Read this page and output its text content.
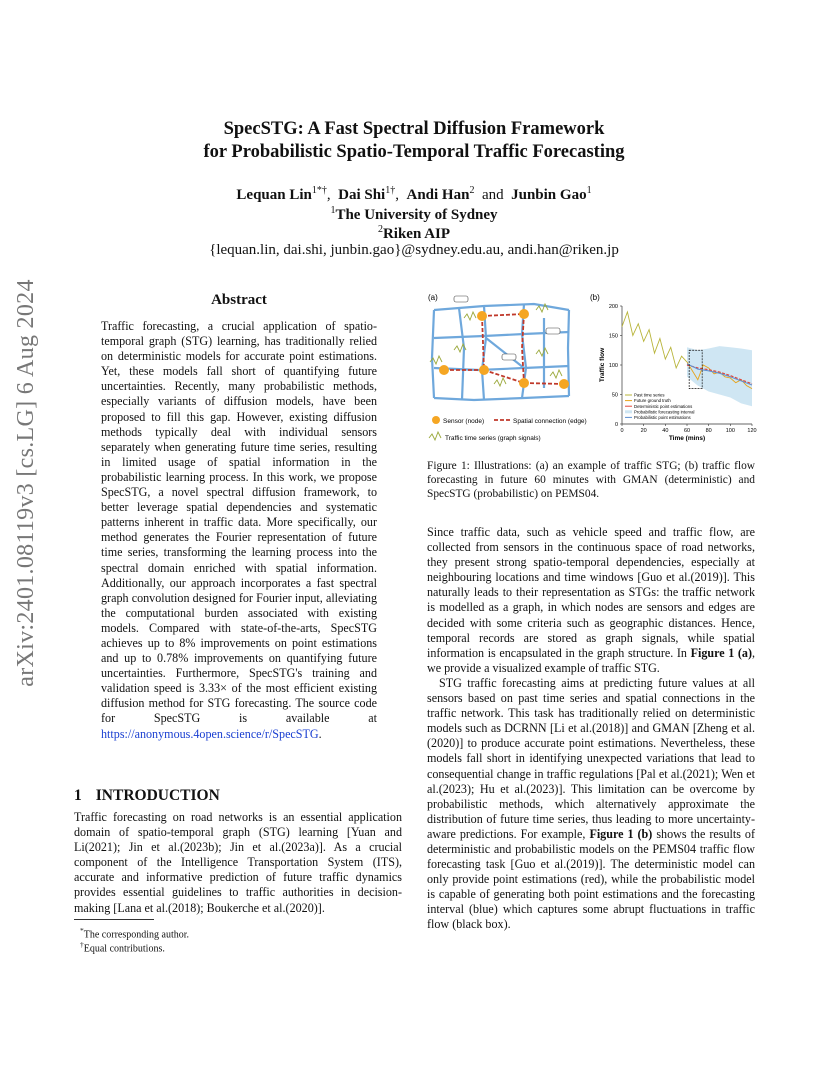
arXiv:2401.08119v3 [cs.LG] 6 Aug 2024
SpecSTG: A Fast Spectral Diffusion Framework
for Probabilistic Spatio-Temporal Traffic Forecasting
Lequan Lin$^{1*\dagger}$, Dai Shi$^{1\dagger}$, Andi Han$^2$ and Junbin Gao$^1$
$^1$The University of Sydney
$^2$Riken AIP
{lequan.lin, dai.shi, junbin.gao}@sydney.edu.au, andi.han@riken.jp
Abstract
Traffic forecasting, a crucial application of spatio-temporal graph (STG) learning, has traditionally relied on deterministic models for accurate point estimations. Yet, these models fall short of quantifying future uncertainties. Recently, many probabilistic methods, especially variants of diffusion models, have been proposed to fill this gap. However, existing diffusion methods typically deal with individual sensors separately when generating future time series, resulting in limited usage of spatial information in the probabilistic learning process. In this work, we propose SpecSTG, a novel spectral diffusion framework, to better leverage spatial dependencies and systematic patterns inherent in traffic data. More specifically, our method generates the Fourier representation of future time series, transforming the learning process into the spectral domain enriched with spatial information. Additionally, our approach incorporates a fast spectral graph convolution designed for Fourier input, alleviating the computational burden associated with existing models. Compared with state-of-the-arts, SpecSTG achieves up to 8% improvements on point estimations and up to 0.78% improvements on quantifying future uncertainties. Furthermore, SpecSTG's training and validation speed is 3.33× of the most efficient existing diffusion method for STG forecasting. The source code for SpecSTG is available at https://anonymous.4open.science/r/SpecSTG.
1 INTRODUCTION
Traffic forecasting on road networks is an essential application domain of spatio-temporal graph (STG) learning [Yuan and Li(2021); Jin et al.(2023b); Jin et al.(2023a)]. As a crucial component of the Intelligence Transportation System (ITS), accurate and informative prediction of future traffic dynamics provides essential guidelines to traffic authorities in decision-making [Lana et al.(2018); Boukerche et al.(2020)].
*The corresponding author.
†Equal contributions.
(a)
Sensor (node)	Spatial connection (edge)
Traffic time series (graph signals)
(b)
0	20	40	60	80	100 120
0
50
100
150
200
Time (mins)
Traffic flow
Past time series
Future ground truth
Deterministic point estimations
Probabilistic forecasting interval
Probabilistic point estimations
Figure 1: Illustrations: (a) an example of traffic STG; (b) traffic flow forecasting in future 60 minutes with GMAN (deterministic) and SpecSTG (probabilistic) on PEMS04.

Since traffic data, such as vehicle speed and traffic flow, are collected from sensors in the continuous space of road networks, they present strong spatio-temporal dependencies, especially at neighbouring locations and time windows [Guo et al.(2019)]. This naturally leads to their representation as STGs: the traffic network is modelled as a graph, in which nodes are sensors and edges are decided with some criteria such as geographic distances. Hence, temporal records are stored as graph signals, while spatial information is encapsulated in the graph structure. In Figure 1 (a), we provide a visualized example of traffic STG.

STG traffic forecasting aims at predicting future values at all sensors based on past time series and spatial connections in the traffic network. This task has traditionally relied on deterministic models such as DCRNN [Li et al.(2018)] and GMAN [Zheng et al.(2020)] to produce accurate point estimations. Nevertheless, these models fall short in identifying unexpected variations that lead to consequential change in traffic regulations [Pal et al.(2021); Wen et al.(2023); Hu et al.(2023)]. This limitation can be overcome by probabilistic methods, which alternatively approximate the distribution of future time series, thus leading to more uncertainty-aware predictions. For example, Figure 1 (b) shows the results of deterministic and probabilistic models on the PEMS04 traffic flow forecasting task [Guo et al.(2019)]. The deterministic model can only provide point estimations (red), while the probabilistic model is capable of generating both point estimations and the forecasting interval (blue) which captures some abrupt fluctuations in traffic flow (black box).
